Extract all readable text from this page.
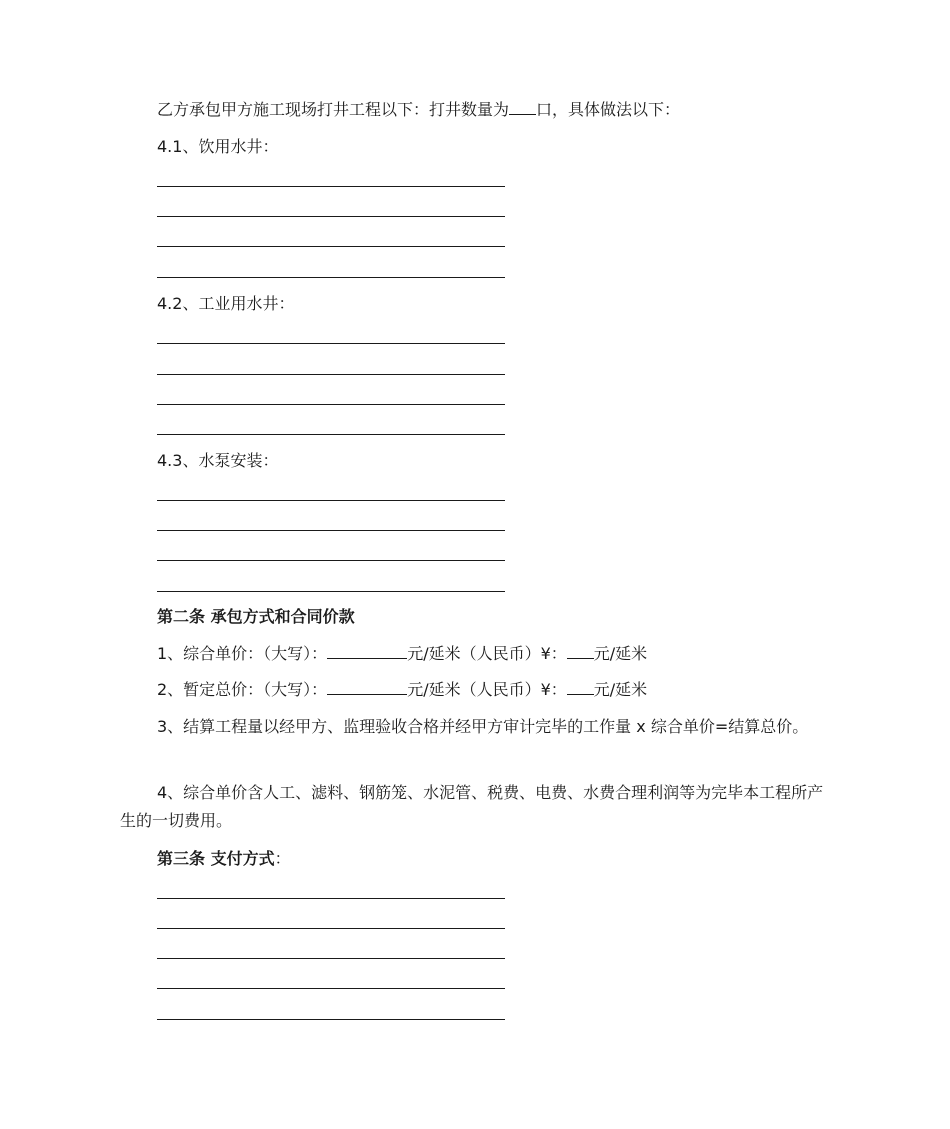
乙方承包甲方施工现场打井工程以下：打井数量为 口，具体做法以下：
4.1、饮用水井：
4.2、工业用水井：
4.3、水泵安装：
第二条 承包方式和合同价款
1、综合单价：（大写）：	元/延米（人民币）¥： 元/延米
2、暂定总价：（大写）：	元/延米（人民币）¥： 元/延米
3、结算工程量以经甲方、监理验收合格并经甲方审计完毕的工作量 x 综合单价=结算总价。
4、综合单价含人工、滤料、钢筋笼、水泥管、税费、电费、水费合理利润等为完毕本工程所产生的一切费用。
第三条 支付方式：
